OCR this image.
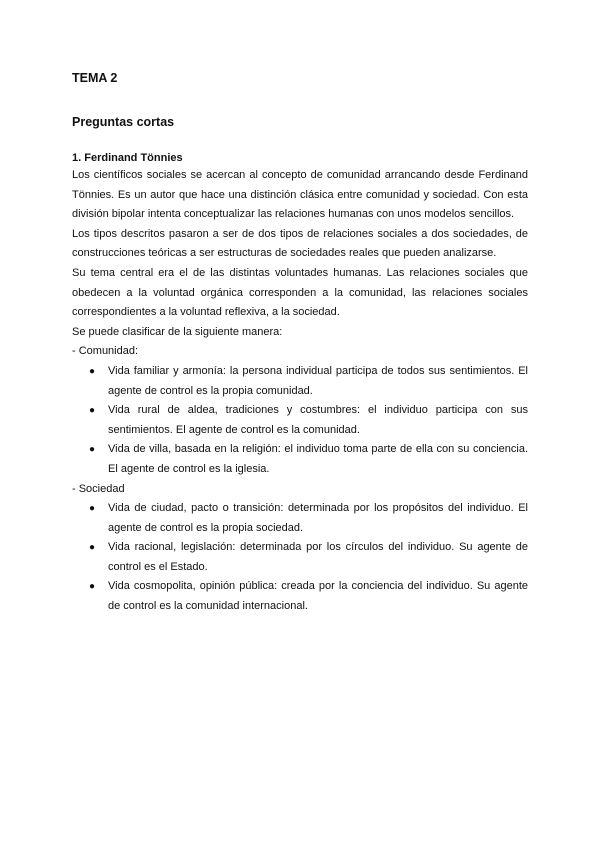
TEMA 2
Preguntas cortas
1. Ferdinand Tönnies

Los científicos sociales se acercan al concepto de comunidad arrancando desde Ferdinand Tönnies. Es un autor que hace una distinción clásica entre comunidad y sociedad. Con esta división bipolar intenta conceptualizar las relaciones humanas con unos modelos sencillos.

Los tipos descritos pasaron a ser de dos tipos de relaciones sociales a dos sociedades, de construcciones teóricas a ser estructuras de sociedades reales que pueden analizarse.

Su tema central era el de las distintas voluntades humanas. Las relaciones sociales que obedecen a la voluntad orgánica corresponden a la comunidad, las relaciones sociales correspondientes a la voluntad reflexiva, a la sociedad.

Se puede clasificar de la siguiente manera:

- Comunidad:

● Vida familiar y armonía: la persona individual participa de todos sus sentimientos. El agente de control es la propia comunidad.
● Vida rural de aldea, tradiciones y costumbres: el individuo participa con sus sentimientos. El agente de control es la comunidad.
● Vida de villa, basada en la religión: el individuo toma parte de ella con su conciencia. El agente de control es la iglesia.

- Sociedad

● Vida de ciudad, pacto o transición: determinada por los propósitos del individuo. El agente de control es la propia sociedad.
● Vida racional, legislación: determinada por los círculos del individuo. Su agente de control es el Estado.
● Vida cosmopolita, opinión pública: creada por la conciencia del individuo. Su agente de control es la comunidad internacional.
